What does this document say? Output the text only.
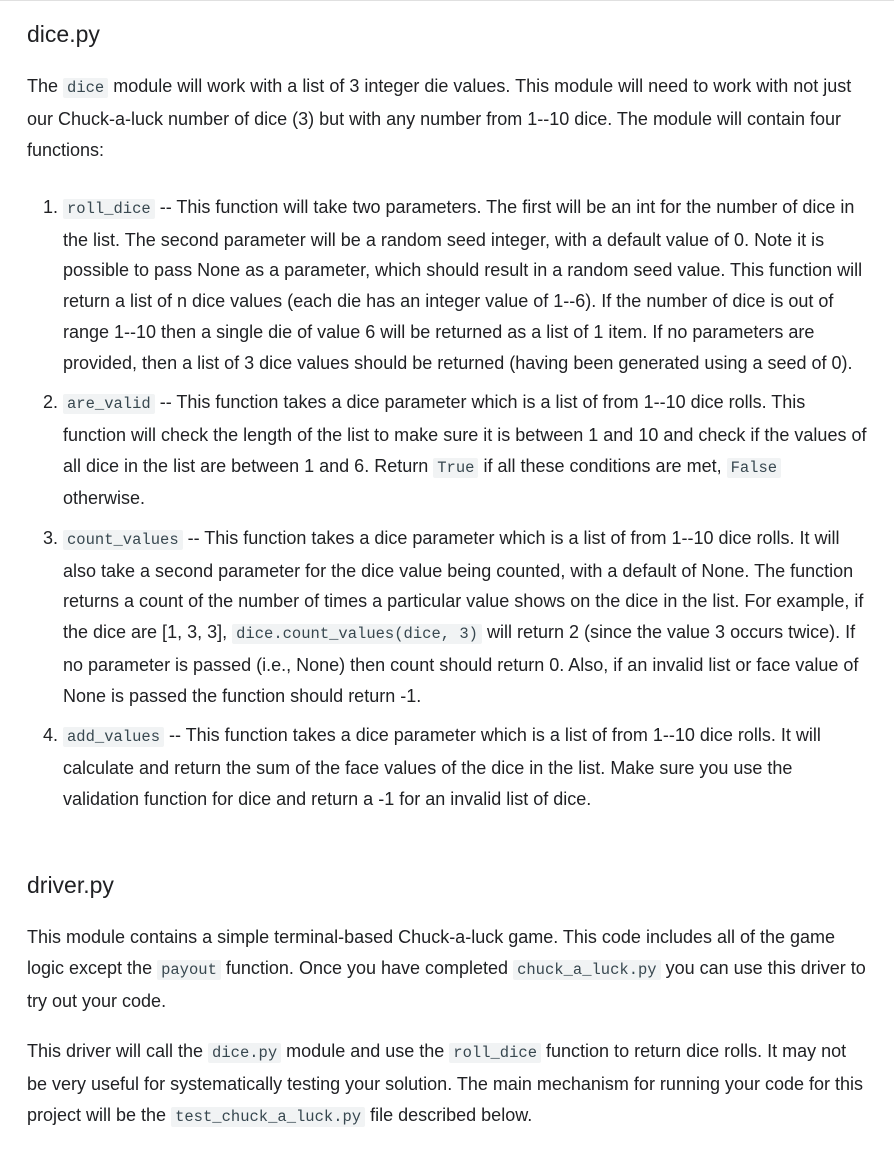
dice.py

The dice module will work with a list of 3 integer die values. This module will need to work with not just our Chuck-a-luck number of dice (3) but with any number from 1--10 dice. The module will contain four functions:

1. roll_dice -- This function will take two parameters. The first will be an int for the number of dice in the list. The second parameter will be a random seed integer, with a default value of 0. Note it is possible to pass None as a parameter, which should result in a random seed value. This function will return a list of n dice values (each die has an integer value of 1--6). If the number of dice is out of range 1--10 then a single die of value 6 will be returned as a list of 1 item. If no parameters are provided, then a list of 3 dice values should be returned (having been generated using a seed of 0).
2. are_valid -- This function takes a dice parameter which is a list of from 1--10 dice rolls. This function will check the length of the list to make sure it is between 1 and 10 and check if the values of all dice in the list are between 1 and 6. Return True if all these conditions are met, False otherwise.
3. count_values -- This function takes a dice parameter which is a list of from 1--10 dice rolls. It will also take a second parameter for the dice value being counted, with a default of None. The function returns a count of the number of times a particular value shows on the dice in the list. For example, if the dice are [1, 3, 3], dice.count_values(dice, 3) will return 2 (since the value 3 occurs twice). If no parameter is passed (i.e., None) then count should return 0. Also, if an invalid list or face value of None is passed the function should return -1.
4. add_values -- This function takes a dice parameter which is a list of from 1--10 dice rolls. It will calculate and return the sum of the face values of the dice in the list. Make sure you use the validation function for dice and return a -1 for an invalid list of dice.
driver.py

This module contains a simple terminal-based Chuck-a-luck game. This code includes all of the game logic except the payout function. Once you have completed chuck_a_luck.py you can use this driver to try out your code.

This driver will call the dice.py module and use the roll_dice function to return dice rolls. It may not be very useful for systematically testing your solution. The main mechanism for running your code for this project will be the test_chuck_a_luck.py file described below.
